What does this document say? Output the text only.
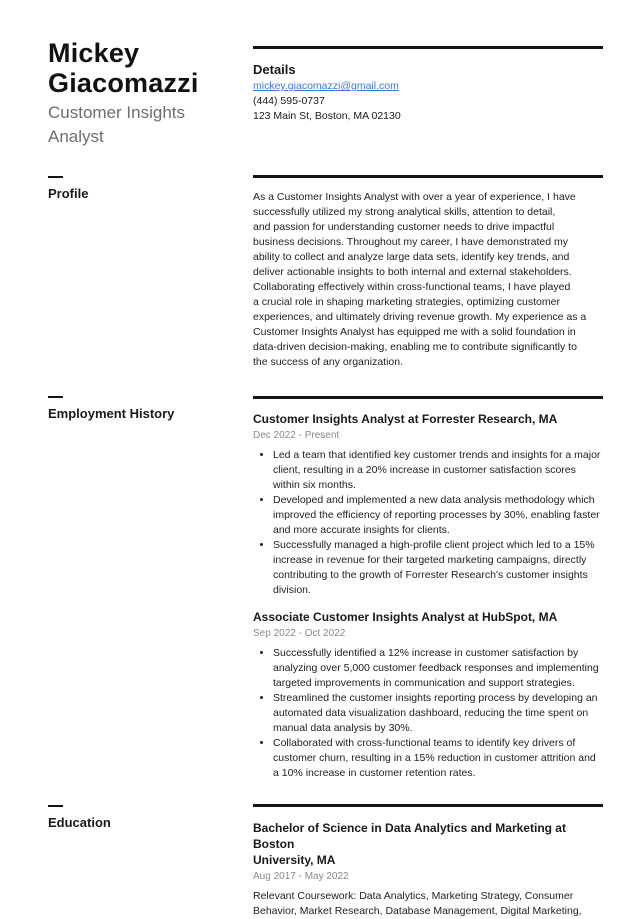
Mickey
Giacomazzi
Customer Insights
Analyst
Details
mickey.giacomazzi@gmail.com
(444) 595-0737
123 Main St, Boston, MA 02130
Profile	As a Customer Insights Analyst with over a year of experience, I have
successfully utilized my strong analytical skills, attention to detail,
and passion for understanding customer needs to drive impactful
business decisions. Throughout my career, I have demonstrated my
ability to collect and analyze large data sets, identify key trends, and
deliver actionable insights to both internal and external stakeholders.
Collaborating effectively within cross-functional teams, I have played
a crucial role in shaping marketing strategies, optimizing customer
experiences, and ultimately driving revenue growth. My experience as a
Customer Insights Analyst has equipped me with a solid foundation in
data-driven decision-making, enabling me to contribute significantly to
the success of any organization.
Employment History	Customer Insights Analyst at Forrester Research, MA
Dec 2022 - Present
• Led a team that identified key customer trends and insights for a major client, resulting in a 20% increase in customer satisfaction scores within six months.
• Developed and implemented a new data analysis methodology which improved the efficiency of reporting processes by 30%, enabling faster and more accurate insights for clients.
• Successfully managed a high-profile client project which led to a 15% increase in revenue for their targeted marketing campaigns, directly contributing to the growth of Forrester Research's customer insights division.
Associate Customer Insights Analyst at HubSpot, MA
Sep 2022 - Oct 2022
• Successfully identified a 12% increase in customer satisfaction by analyzing over 5,000 customer feedback responses and implementing targeted improvements in communication and support strategies.
• Streamlined the customer insights reporting process by developing an automated data visualization dashboard, reducing the time spent on manual data analysis by 30%.
• Collaborated with cross-functional teams to identify key drivers of customer churn, resulting in a 15% reduction in customer attrition and a 10% increase in customer retention rates.
Education	Bachelor of Science in Data Analytics and Marketing at Boston
University, MA
Aug 2017 - May 2022
Relevant Coursework: Data Analytics, Marketing Strategy, Consumer
Behavior, Market Research, Database Management, Digital Marketing,
